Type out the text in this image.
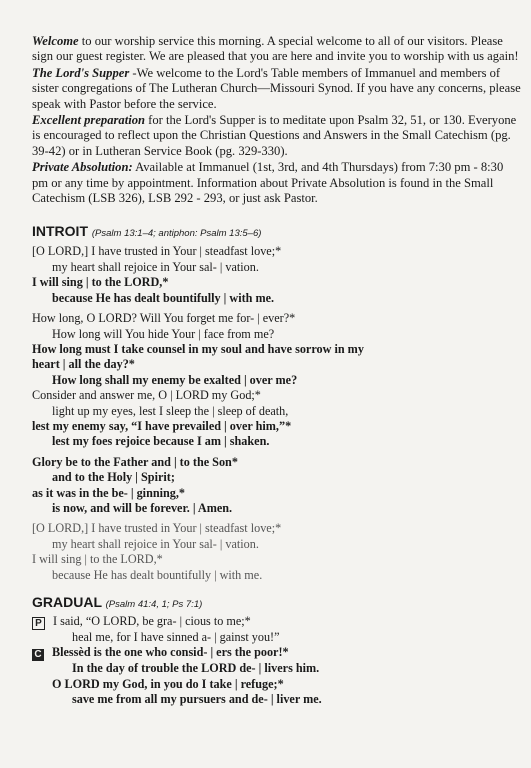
Welcome to our worship service this morning. A special welcome to all of our visitors. Please sign our guest register. We are pleased that you are here and invite you to worship with us again!

The Lord's Supper -We welcome to the Lord's Table members of Immanuel and members of sister congregations of The Lutheran Church—Missouri Synod. If you have any concerns, please speak with Pastor before the service.

Excellent preparation for the Lord's Supper is to meditate upon Psalm 32, 51, or 130. Everyone is encouraged to reflect upon the Christian Questions and Answers in the Small Catechism (pg. 39-42) or in Lutheran Service Book (pg. 329-330).

Private Absolution: Available at Immanuel (1st, 3rd, and 4th Thursdays) from 7:30 pm - 8:30 pm or any time by appointment. Information about Private Absolution is found in the Small Catechism (LSB 326), LSB 292 - 293, or just ask Pastor.

INTROIT (Psalm 13:1–4; antiphon: Psalm 13:5–6)
[O LORD,] I have trusted in Your | steadfast love;*
my heart shall rejoice in Your sal- | vation.
I will sing | to the LORD,*
because He has dealt bountifully | with me.
How long, O LORD? Will You forget me for- | ever?*
How long will You hide Your | face from me?
How long must I take counsel in my soul and have sorrow in my
heart | all the day?*
How long shall my enemy be exalted | over me?
Consider and answer me, O | LORD my God;*
light up my eyes, lest I sleep the | sleep of death,
lest my enemy say, “I have prevailed | over him,”*
lest my foes rejoice because I am | shaken.
Glory be to the Father and | to the Son*
and to the Holy | Spirit;
as it was in the be- | ginning,*
is now, and will be forever. | Amen.
[O LORD,] I have trusted in Your | steadfast love;*
my heart shall rejoice in Your sal- | vation.
I will sing | to the LORD,*
because He has dealt bountifully | with me.
GRADUAL (Psalm 41:4, 1; Ps 7:1)
P I said, “O LORD, be gra- | cious to me;*
heal me, for I have sinned a- | gainst you!”
C Blessèd is the one who consid- | ers the poor!*
In the day of trouble the LORD de- | livers him.
O LORD my God, in you do I take | refuge;*
save me from all my pursuers and de- | liver me.
